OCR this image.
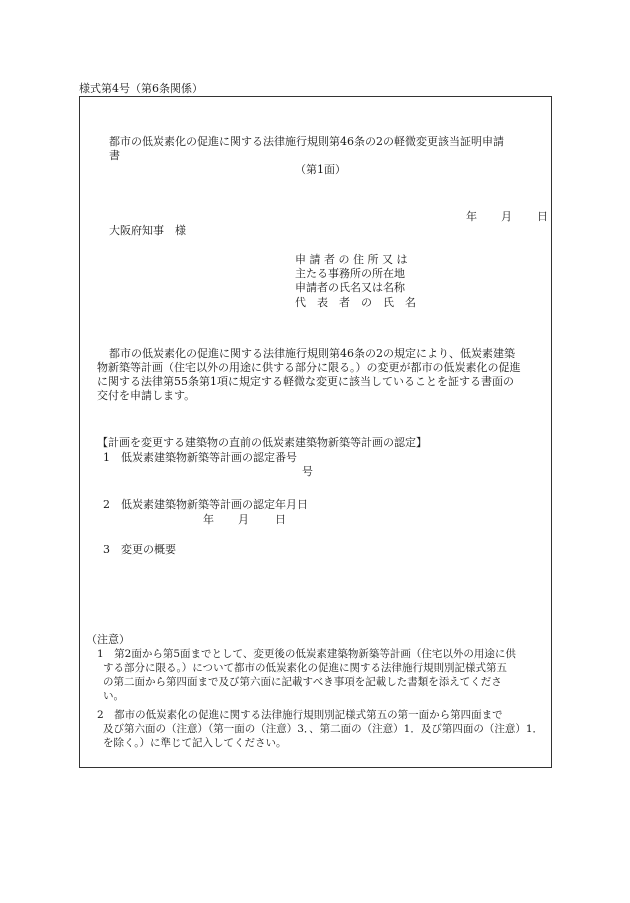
様式第4号（第6条関係）
都市の低炭素化の促進に関する法律施行規則第46条の2の軽微変更該当証明申請
書
（第1面）
年 月 日
大阪府知事　様
申 請 者 の 住 所 又 は
主たる事務所の所在地
申請者の氏名又は名称
代　表　者　の　氏　名
都市の低炭素化の促進に関する法律施行規則第46条の2の規定により、低炭素建築
物新築等計画（住宅以外の用途に供する部分に限る。）の変更が都市の低炭素化の促進
に関する法律第55条第1項に規定する軽微な変更に該当していることを証する書面の
交付を申請します。
【計画を変更する建築物の直前の低炭素建築物新築等計画の認定】
1　低炭素建築物新築等計画の認定番号
号
2　低炭素建築物新築等計画の認定年月日
年 月 日
3　変更の概要
（注意）
1　第2面から第5面までとして、変更後の低炭素建築物新築等計画（住宅以外の用途に供
する部分に限る。）について都市の低炭素化の促進に関する法律施行規則別記様式第五
の第二面から第四面まで及び第六面に記載すべき事項を記載した書類を添えてくださ
い。
2　都市の低炭素化の促進に関する法律施行規則別記様式第五の第一面から第四面まで
及び第六面の（注意）（第一面の（注意）3．、第二面の（注意）1．及び第四面の（注意）1．
を除く。）に準じて記入してください。
